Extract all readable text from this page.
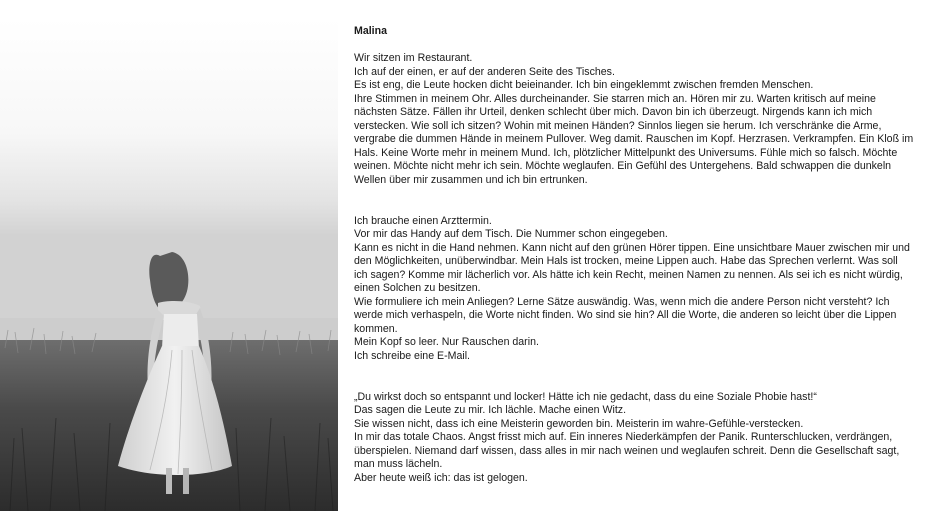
Malina

Wir sitzen im Restaurant.
Ich auf der einen, er auf der anderen Seite des Tisches.
Es ist eng, die Leute hocken dicht beieinander. Ich bin eingeklemmt zwischen fremden Menschen.
Ihre Stimmen in meinem Ohr. Alles durcheinander. Sie starren mich an. Hören mir zu. Warten kritisch auf meine nächsten Sätze. Fällen ihr Urteil, denken schlecht über mich. Davon bin ich überzeugt. Nirgends kann ich mich verstecken. Wie soll ich sitzen? Wohin mit meinen Händen? Sinnlos liegen sie herum. Ich verschränke die Arme, vergrabe die dummen Hände in meinem Pullover. Weg damit. Rauschen im Kopf. Herzrasen. Verkrampfen. Ein Kloß im Hals. Keine Worte mehr in meinem Mund. Ich, plötzlicher Mittelpunkt des Universums. Fühle mich so falsch. Möchte weinen. Möchte nicht mehr ich sein. Möchte weglaufen. Ein Gefühl des Untergehens. Bald schwappen die dunkeln Wellen über mir zusammen und ich bin ertrunken.

Ich brauche einen Arzttermin.
Vor mir das Handy auf dem Tisch. Die Nummer schon eingegeben.
Kann es nicht in die Hand nehmen. Kann nicht auf den grünen Hörer tippen. Eine unsichtbare Mauer zwischen mir und den Möglichkeiten, unüberwindbar. Mein Hals ist trocken, meine Lippen auch. Habe das Sprechen verlernt. Was soll ich sagen? Komme mir lächerlich vor. Als hätte ich kein Recht, meinen Namen zu nennen. Als sei ich es nicht würdig, einen Solchen zu besitzen.
Wie formuliere ich mein Anliegen? Lerne Sätze auswändig. Was, wenn mich die andere Person nicht versteht? Ich werde mich verhaspeln, die Worte nicht finden. Wo sind sie hin? All die Worte, die anderen so leicht über die Lippen kommen.
Mein Kopf so leer. Nur Rauschen darin.
Ich schreibe eine E-Mail.

„Du wirkst doch so entspannt und locker! Hätte ich nie gedacht, dass du eine Soziale Phobie hast!“
Das sagen die Leute zu mir. Ich lächle. Mache einen Witz.
Sie wissen nicht, dass ich eine Meisterin geworden bin. Meisterin im wahre-Gefühle-verstecken.
In mir das totale Chaos. Angst frisst mich auf. Ein inneres Niederkämpfen der Panik. Runterschlucken, verdrängen, überspielen. Niemand darf wissen, dass alles in mir nach weinen und weglaufen schreit. Denn die Gesellschaft sagt, man muss lächeln.
Aber heute weiß ich: das ist gelogen.
